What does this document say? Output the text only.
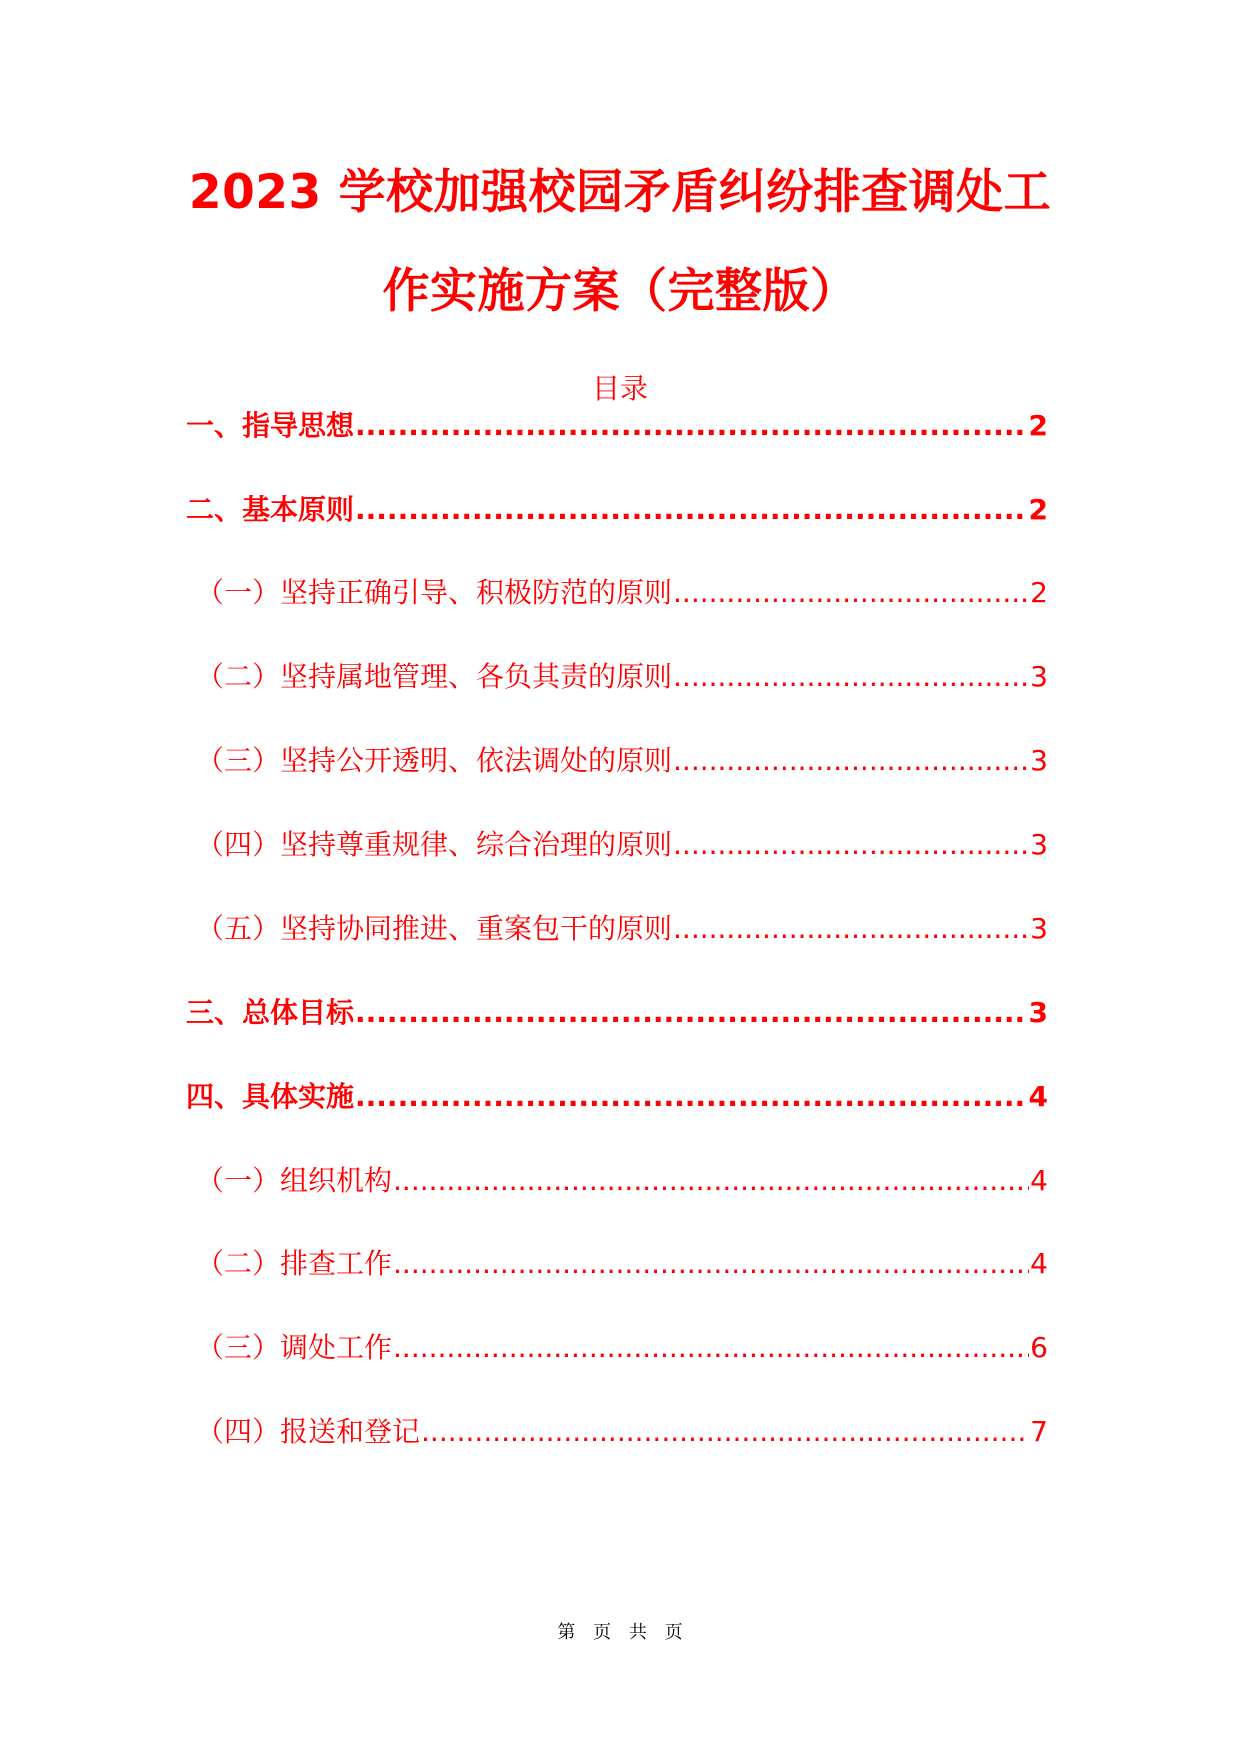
2023 学校加强校园矛盾纠纷排查调处工
作实施方案（完整版）
目录
一、指导思想 .....	2
二、基本原则 .....	2
（一）坚持正确引导、积极防范的原则 .....	2
（二）坚持属地管理、各负其责的原则 .....	3
（三）坚持公开透明、依法调处的原则 .....	3
（四）坚持尊重规律、综合治理的原则 .....	3
（五）坚持协同推进、重案包干的原则 .....	3
三、总体目标 .....	3
四、具体实施 .....	4
（一）组织机构 .....	4
（二）排查工作 .....	4
（三）调处工作 .....	6
（四）报送和登记 .....	7
第 页 共 页
